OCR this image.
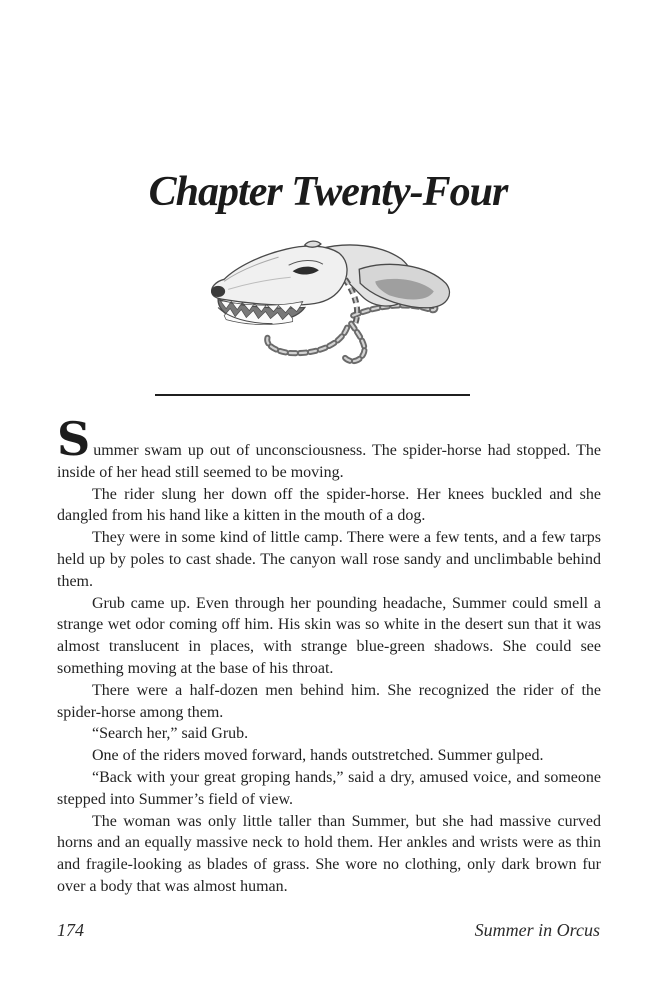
Chapter Twenty-Four

Summer swam up out of unconsciousness. The spider-horse had stopped. The inside of her head still seemed to be moving.

The rider slung her down off the spider-horse. Her knees buckled and she dangled from his hand like a kitten in the mouth of a dog.

They were in some kind of little camp. There were a few tents, and a few tarps held up by poles to cast shade. The canyon wall rose sandy and unclimbable behind them.

Grub came up. Even through her pounding headache, Summer could smell a strange wet odor coming off him. His skin was so white in the desert sun that it was almost translucent in places, with strange blue-green shadows. She could see something moving at the base of his throat.

There were a half-dozen men behind him. She recognized the rider of the spider-horse among them.

“Search her,” said Grub.

One of the riders moved forward, hands outstretched. Summer gulped.

“Back with your great groping hands,” said a dry, amused voice, and someone stepped into Summer’s field of view.

The woman was only little taller than Summer, but she had massive curved horns and an equally massive neck to hold them. Her ankles and wrists were as thin and fragile-looking as blades of grass. She wore no clothing, only dark brown fur over a body that was almost human.

174	Summer in Orcus
